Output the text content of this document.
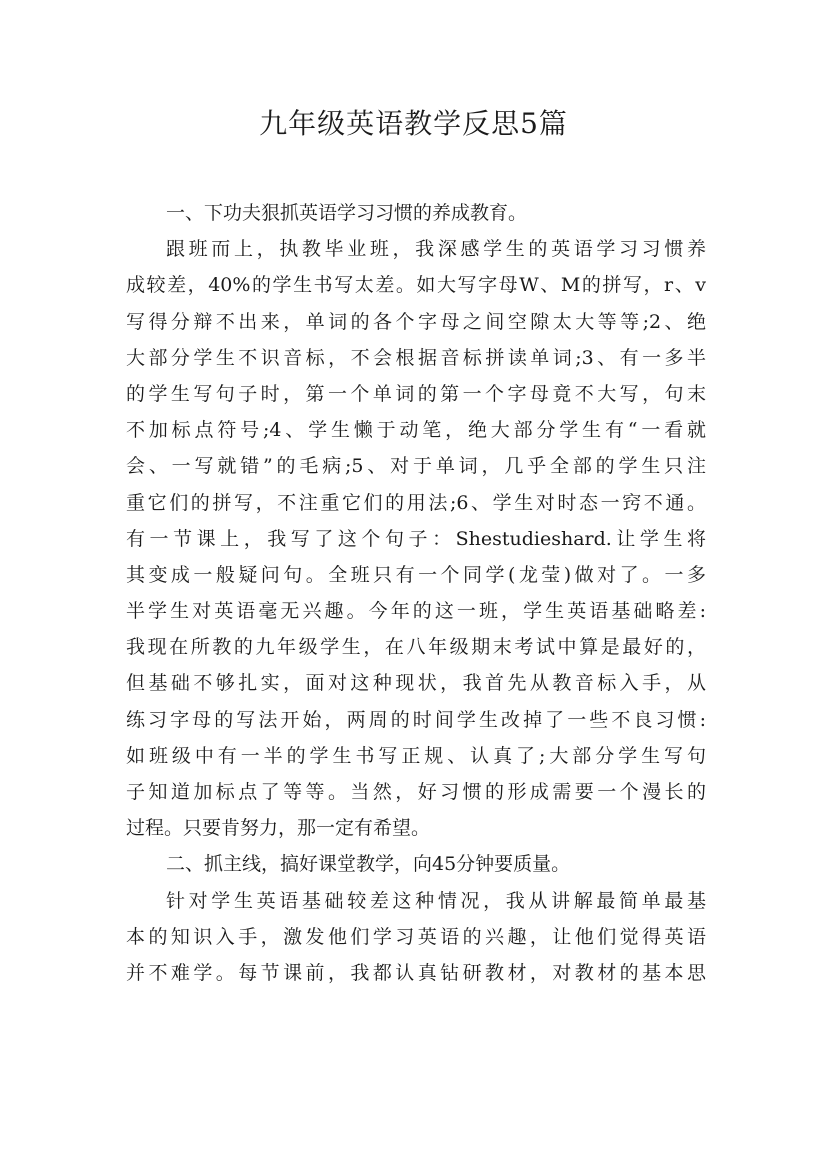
九年级英语教学反思5篇
一、下功夫狠抓英语学习习惯的养成教育。
跟班而上，执教毕业班，我深感学生的英语学习习惯养
成较差，40%的学生书写太差。如大写字母W、M的拼写，r、v
写得分辩不出来，单词的各个字母之间空隙太大等等;2、绝
大部分学生不识音标，不会根据音标拼读单词;3、有一多半
的学生写句子时，第一个单词的第一个字母竟不大写，句末
不加标点符号;4、学生懒于动笔，绝大部分学生有“一看就
会、一写就错”的毛病;5、对于单词，几乎全部的学生只注
重它们的拼写，不注重它们的用法;6、学生对时态一窍不通。
有一节课上，我写了这个句子：Shestudieshard.让学生将
其变成一般疑问句。全班只有一个同学(龙莹)做对了。一多
半学生对英语毫无兴趣。今年的这一班，学生英语基础略差:
我现在所教的九年级学生，在八年级期末考试中算是最好的，
但基础不够扎实，面对这种现状，我首先从教音标入手，从
练习字母的写法开始，两周的时间学生改掉了一些不良习惯:
如班级中有一半的学生书写正规、认真了;大部分学生写句
子知道加标点了等等。当然，好习惯的形成需要一个漫长的
过程。只要肯努力，那一定有希望。
二、抓主线，搞好课堂教学，向45分钟要质量。
针对学生英语基础较差这种情况，我从讲解最简单最基
本的知识入手，激发他们学习英语的兴趣，让他们觉得英语
并不难学。每节课前，我都认真钻研教材，对教材的基本思
